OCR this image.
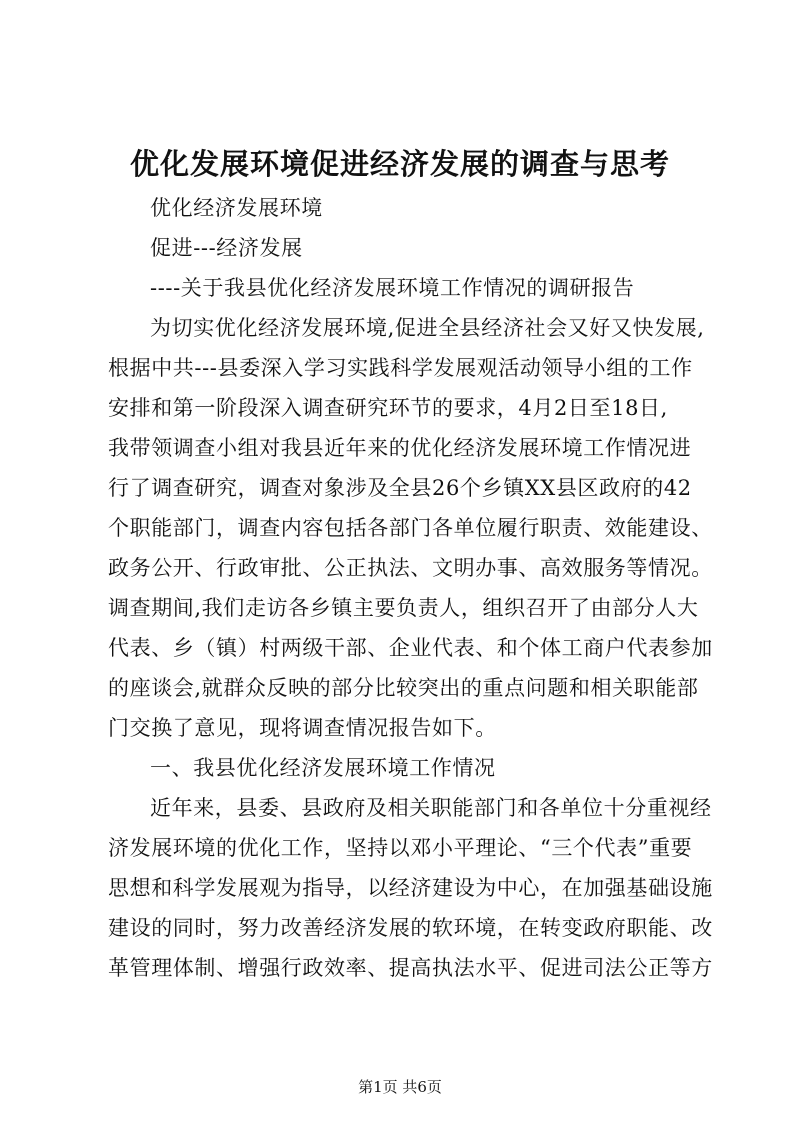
优化发展环境促进经济发展的调查与思考
优化经济发展环境
促进---经济发展
----关于我县优化经济发展环境工作情况的调研报告
为切实优化经济发展环境,促进全县经济社会又好又快发展,
根据中共---县委深入学习实践科学发展观活动领导小组的工作
安排和第一阶段深入调查研究环节的要求，4月2日至18日,
我带领调查小组对我县近年来的优化经济发展环境工作情况进
行了调查研究，调查对象涉及全县26个乡镇XX县区政府的42
个职能部门，调查内容包括各部门各单位履行职责、效能建设、
政务公开、行政审批、公正执法、文明办事、高效服务等情况。
调查期间,我们走访各乡镇主要负责人，组织召开了由部分人大
代表、乡（镇）村两级干部、企业代表、和个体工商户代表参加
的座谈会,就群众反映的部分比较突出的重点问题和相关职能部
门交换了意见，现将调查情况报告如下。
一、我县优化经济发展环境工作情况
近年来，县委、县政府及相关职能部门和各单位十分重视经
济发展环境的优化工作，坚持以邓小平理论、“三个代表”重要
思想和科学发展观为指导，以经济建设为中心，在加强基础设施
建设的同时，努力改善经济发展的软环境，在转变政府职能、改
革管理体制、增强行政效率、提高执法水平、促进司法公正等方
第1页 共6页
